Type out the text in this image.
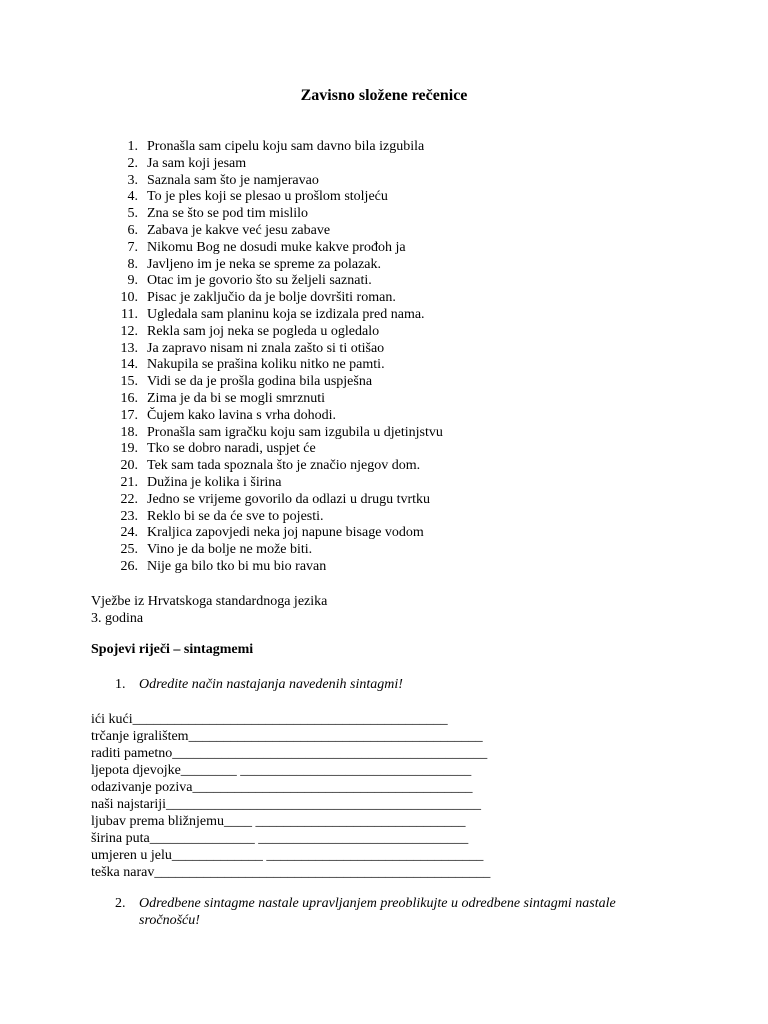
Zavisno složene rečenice
1. Pronašla sam cipelu koju sam davno bila izgubila
2. Ja sam koji jesam
3. Saznala sam što je namjeravao
4. To je ples koji se plesao u prošlom stoljeću
5. Zna se što se pod tim mislilo
6. Zabava je kakve već jesu zabave
7. Nikomu Bog ne dosudi muke kakve prođoh ja
8. Javljeno im je neka se spreme za polazak.
9. Otac im je govorio što su željeli saznati.
10. Pisac je zaključio da je bolje dovršiti roman.
11. Ugledala sam planinu koja se izdizala pred nama.
12. Rekla sam joj neka se pogleda u ogledalo
13. Ja zapravo nisam ni znala zašto si ti otišao
14. Nakupila se prašina koliku nitko ne pamti.
15. Vidi se da je prošla godina bila uspješna
16. Zima je da bi se mogli smrznuti
17. Čujem kako lavina s vrha dohodi.
18. Pronašla sam igračku koju sam izgubila u djetinjstvu
19. Tko se dobro naradi, uspjet će
20. Tek sam tada spoznala što je značio njegov dom.
21. Dužina je kolika i širina
22. Jedno se vrijeme govorilo da odlazi u drugu tvrtku
23. Reklo bi se da će sve to pojesti.
24. Kraljica zapovjedi neka joj napune bisage vodom
25. Vino je da bolje ne može biti.
26. Nije ga bilo tko bi mu bio ravan
Vježbe iz Hrvatskoga standardnoga jezika
3. godina
Spojevi riječi – sintagmemi
1. Odredite način nastajanja navedenih sintagmi!
ići kući_____________________________________________
trčanje igralištem__________________________________________
raditi pametno_____________________________________________
ljepota djevojke________ _________________________________
odazivanje poziva________________________________________
naši najstariji_____________________________________________
ljubav prema bližnjemu____ ______________________________
širina puta_______________ ______________________________
umjeren u jelu_____________ _______________________________
teška narav________________________________________________
2. Odredbene sintagme nastale upravljanjem preoblikujte u odredbene sintagmi nastale sročnošću!
